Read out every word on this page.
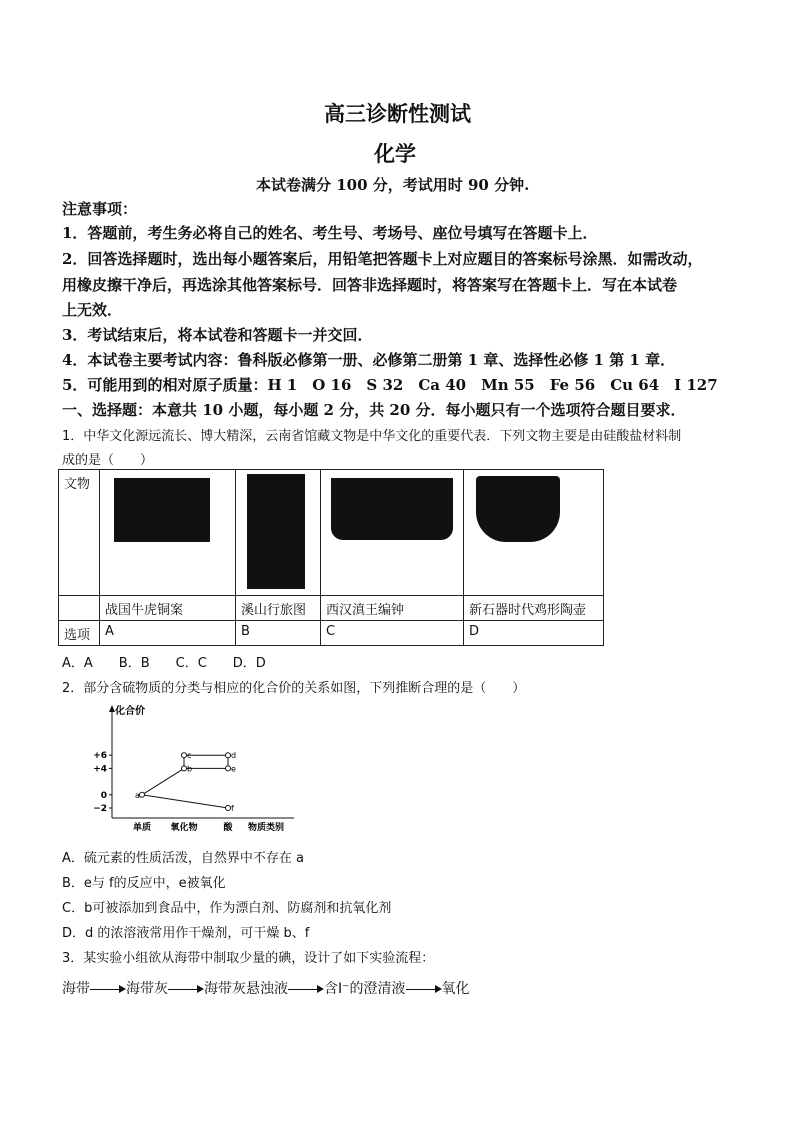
高三诊断性测试
化学
本试卷满分 100 分，考试用时 90 分钟.
注意事项：
1．答题前，考生务必将自己的姓名、考生号、考场号、座位号填写在答题卡上．
2．回答选择题时，选出每小题答案后，用铅笔把答题卡上对应题目的答案标号涂黑．如需改动，
用橡皮擦干净后，再选涂其他答案标号．回答非选择题时，将答案写在答题卡上．写在本试卷
上无效．
3．考试结束后，将本试卷和答题卡一并交回．
4．本试卷主要考试内容：鲁科版必修第一册、必修第二册第 1 章、选择性必修 1 第 1 章．
5．可能用到的相对原子质量：H 1　O 16　S 32　Ca 40　Mn 55　Fe 56　Cu 64　I 127
一、选择题：本意共 10 小题，每小题 2 分，共 20 分．每小题只有一个选项符合题目要求．
1．中华文化源远流长、博大精深，云南省馆藏文物是中华文化的重要代表．下列文物主要是由硅酸盐材料制
成的是（　　）
文物				

	战国牛虎铜案	溪山行旅图	西汉滇王编钟	新石器时代鸡形陶壶

选项	A	B	C	D
A．A　　B．B　　C．C　　D．D
2．部分含硫物质的分类与相应的化合价的关系如图，下列推断合理的是（　　）
化合价
+6
+4
0
−2
单质 氧化物	酸 物质类别
a
b
c	d
e
f
A．硫元素的性质活泼，自然界中不存在 a
B．e与 f的反应中，e被氧化
C．b可被添加到食品中，作为漂白剂、防腐剂和抗氧化剂
D．d 的浓溶液常用作干燥剂，可干燥 b、f
3．某实验小组欲从海带中制取少量的碘，设计了如下实验流程：
海带	海带灰	海带灰悬浊液	含I⁻的澄清液	氧化
